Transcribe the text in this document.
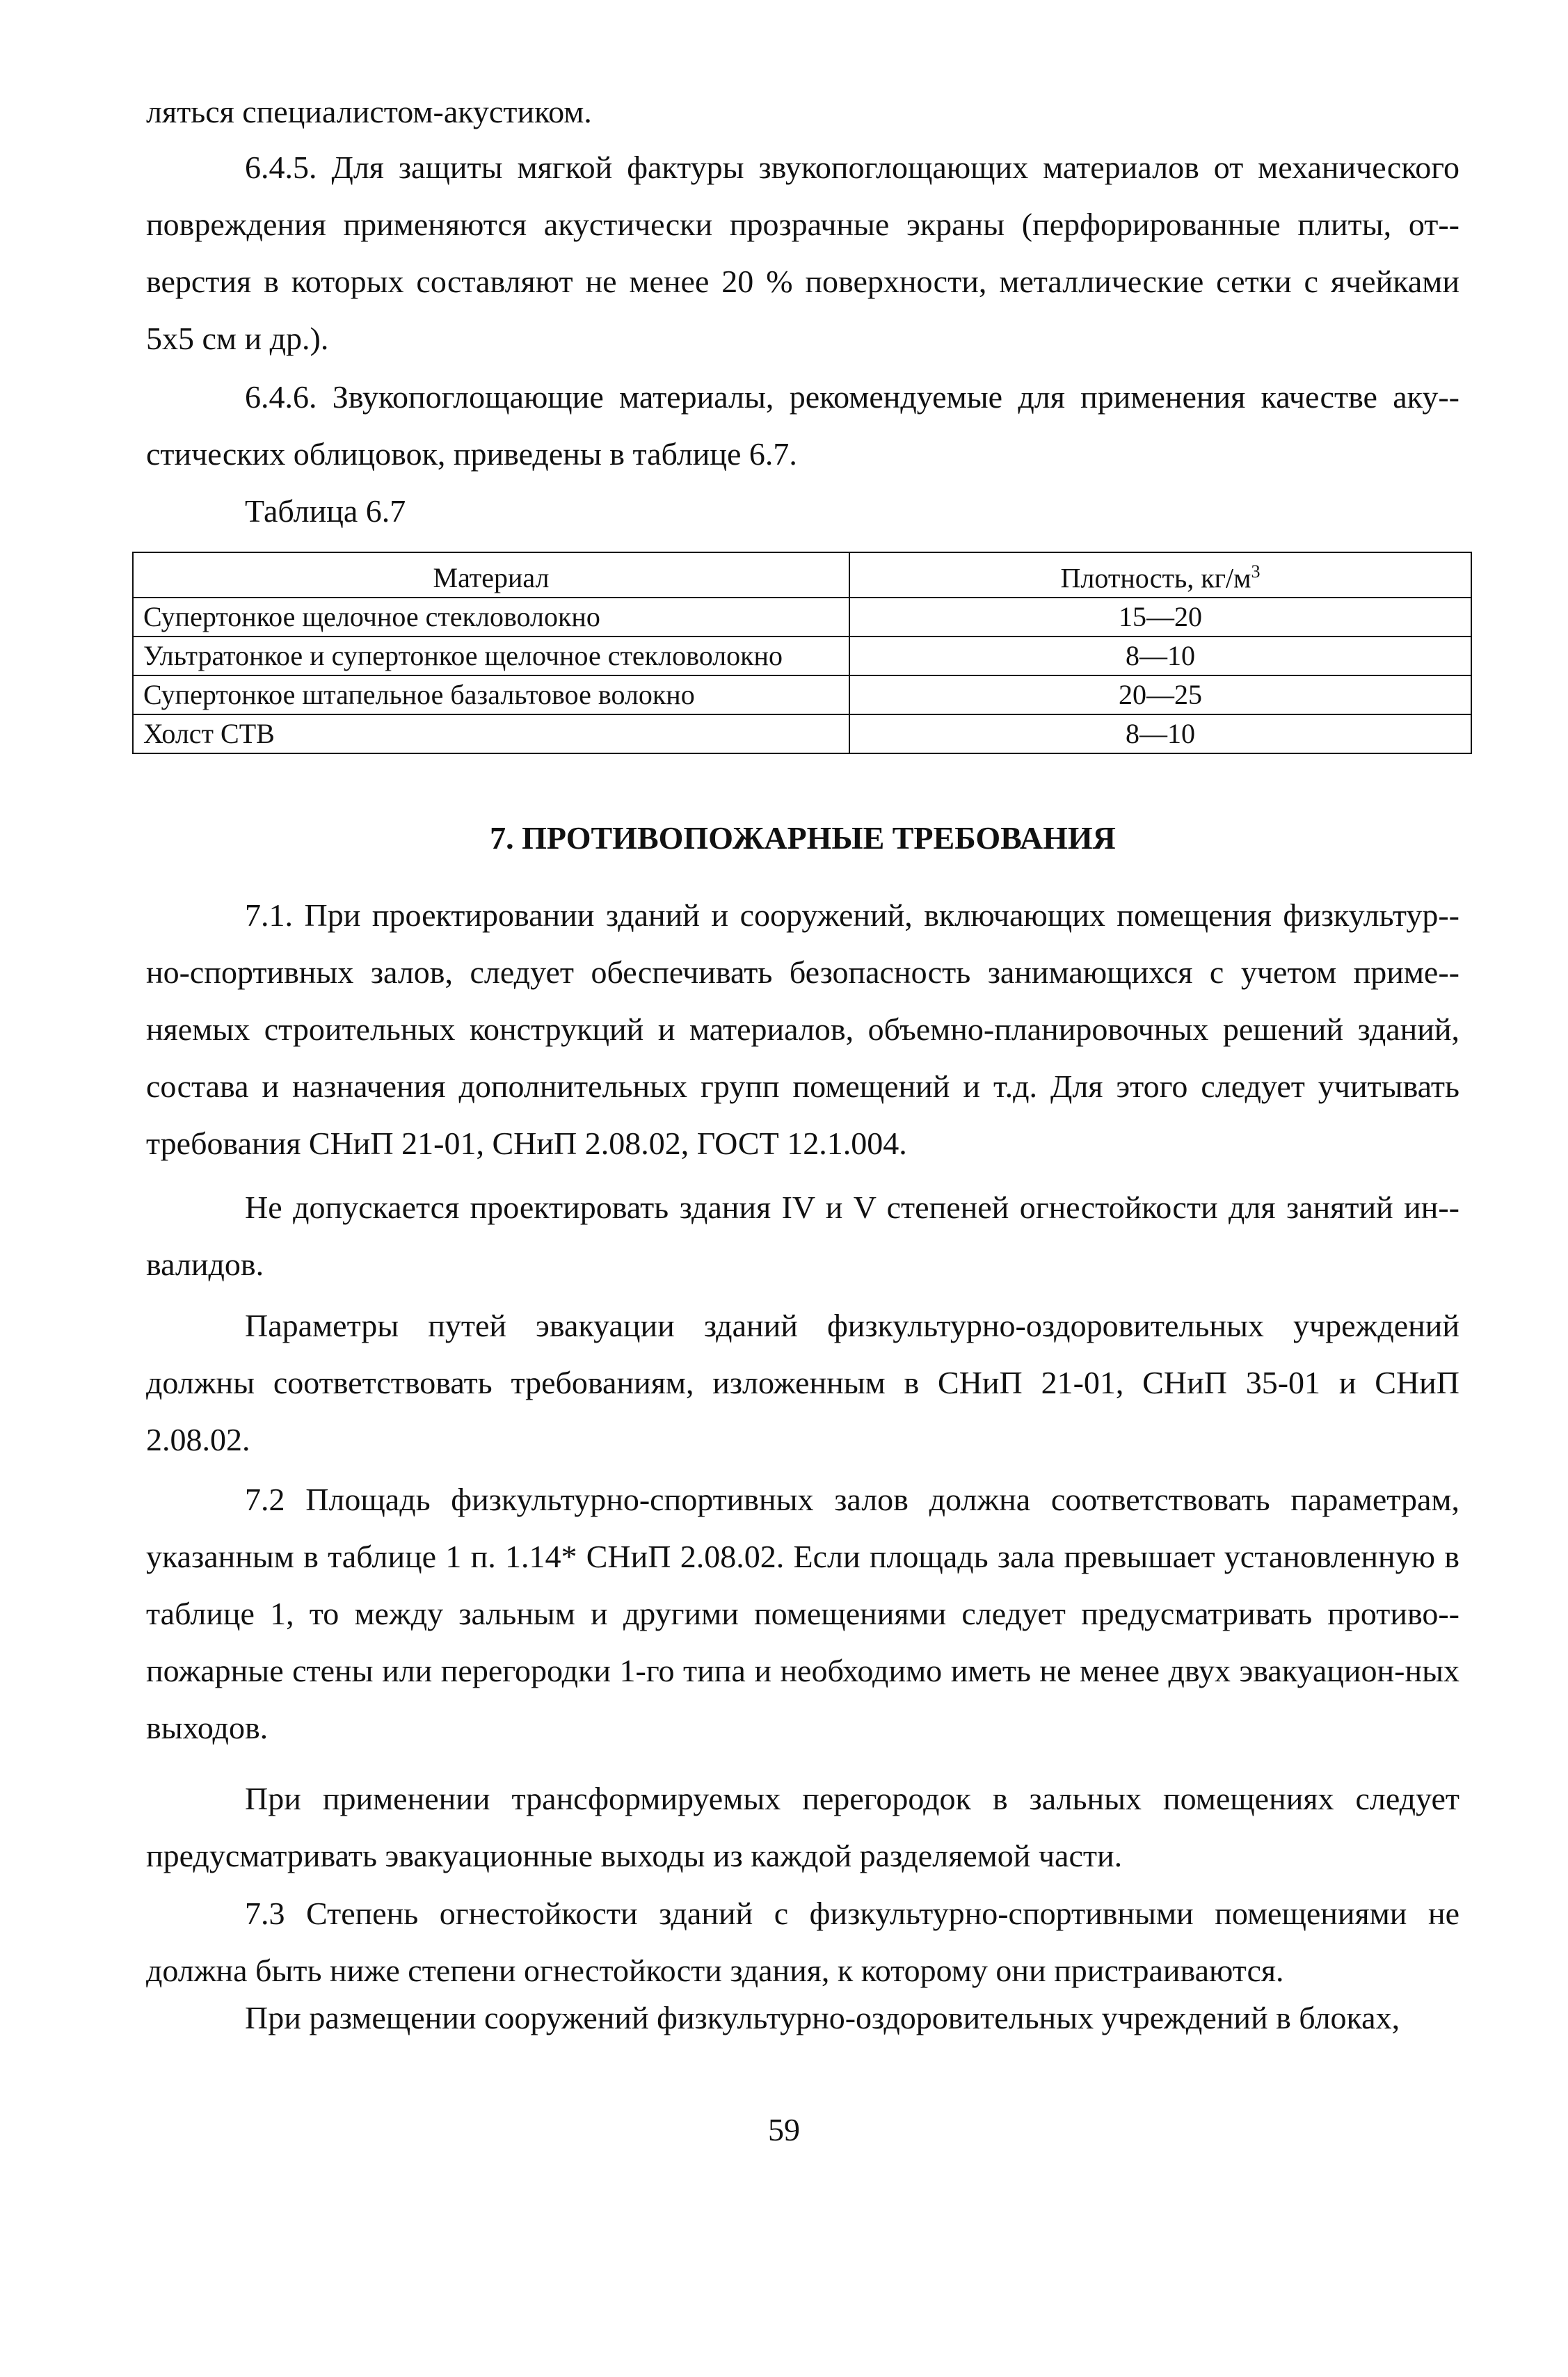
ляться специалистом-акустиком.

6.4.5. Для защиты мягкой фактуры звукопоглощающих материалов от механического повреждения применяются акустически прозрачные экраны (перфорированные плиты, от-верстия в которых составляют не менее 20 % поверхности, металлические сетки с ячейками 5х5 см и др.).

6.4.6. Звукопоглощающие материалы, рекомендуемые для применения качестве аку-стических облицовок, приведены в таблице 6.7.

Таблица 6.7

Материал	Плотность, $кг/м^3$
Супертонкое щелочное стекловолокно	15—20
Ультратонкое и супертонкое щелочное стекловолокно	8—10
Супертонкое штапельное базальтовое волокно	20—25
Холст СТВ	8—10
7. ПРОТИВОПОЖАРНЫЕ ТРЕБОВАНИЯ

7.1. При проектировании зданий и сооружений, включающих помещения физкультур-но-спортивных залов, следует обеспечивать безопасность занимающихся с учетом приме-няемых строительных конструкций и материалов, объемно-планировочных решений зданий, состава и назначения дополнительных групп помещений и т.д. Для этого следует учитывать требования СНиП 21-01, СНиП 2.08.02, ГОСТ 12.1.004.

Не допускается проектировать здания IV и V степеней огнестойкости для занятий ин-валидов.

Параметры путей эвакуации зданий физкультурно-оздоровительных учреждений должны соответствовать требованиям, изложенным в СНиП 21-01, СНиП 35-01 и СНиП 2.08.02.

7.2 Площадь физкультурно-спортивных залов должна соответствовать параметрам, указанным в таблице 1 п. 1.14* СНиП 2.08.02. Если площадь зала превышает установленную в таблице 1, то между зальным и другими помещениями следует предусматривать противо-пожарные стены или перегородки 1-го типа и необходимо иметь не менее двух эвакуацион-ных выходов.

При применении трансформируемых перегородок в зальных помещениях следует предусматривать эвакуационные выходы из каждой разделяемой части.

7.3 Степень огнестойкости зданий с физкультурно-спортивными помещениями не должна быть ниже степени огнестойкости здания, к которому они пристраиваются.

При размещении сооружений физкультурно-оздоровительных учреждений в блоках,

59
